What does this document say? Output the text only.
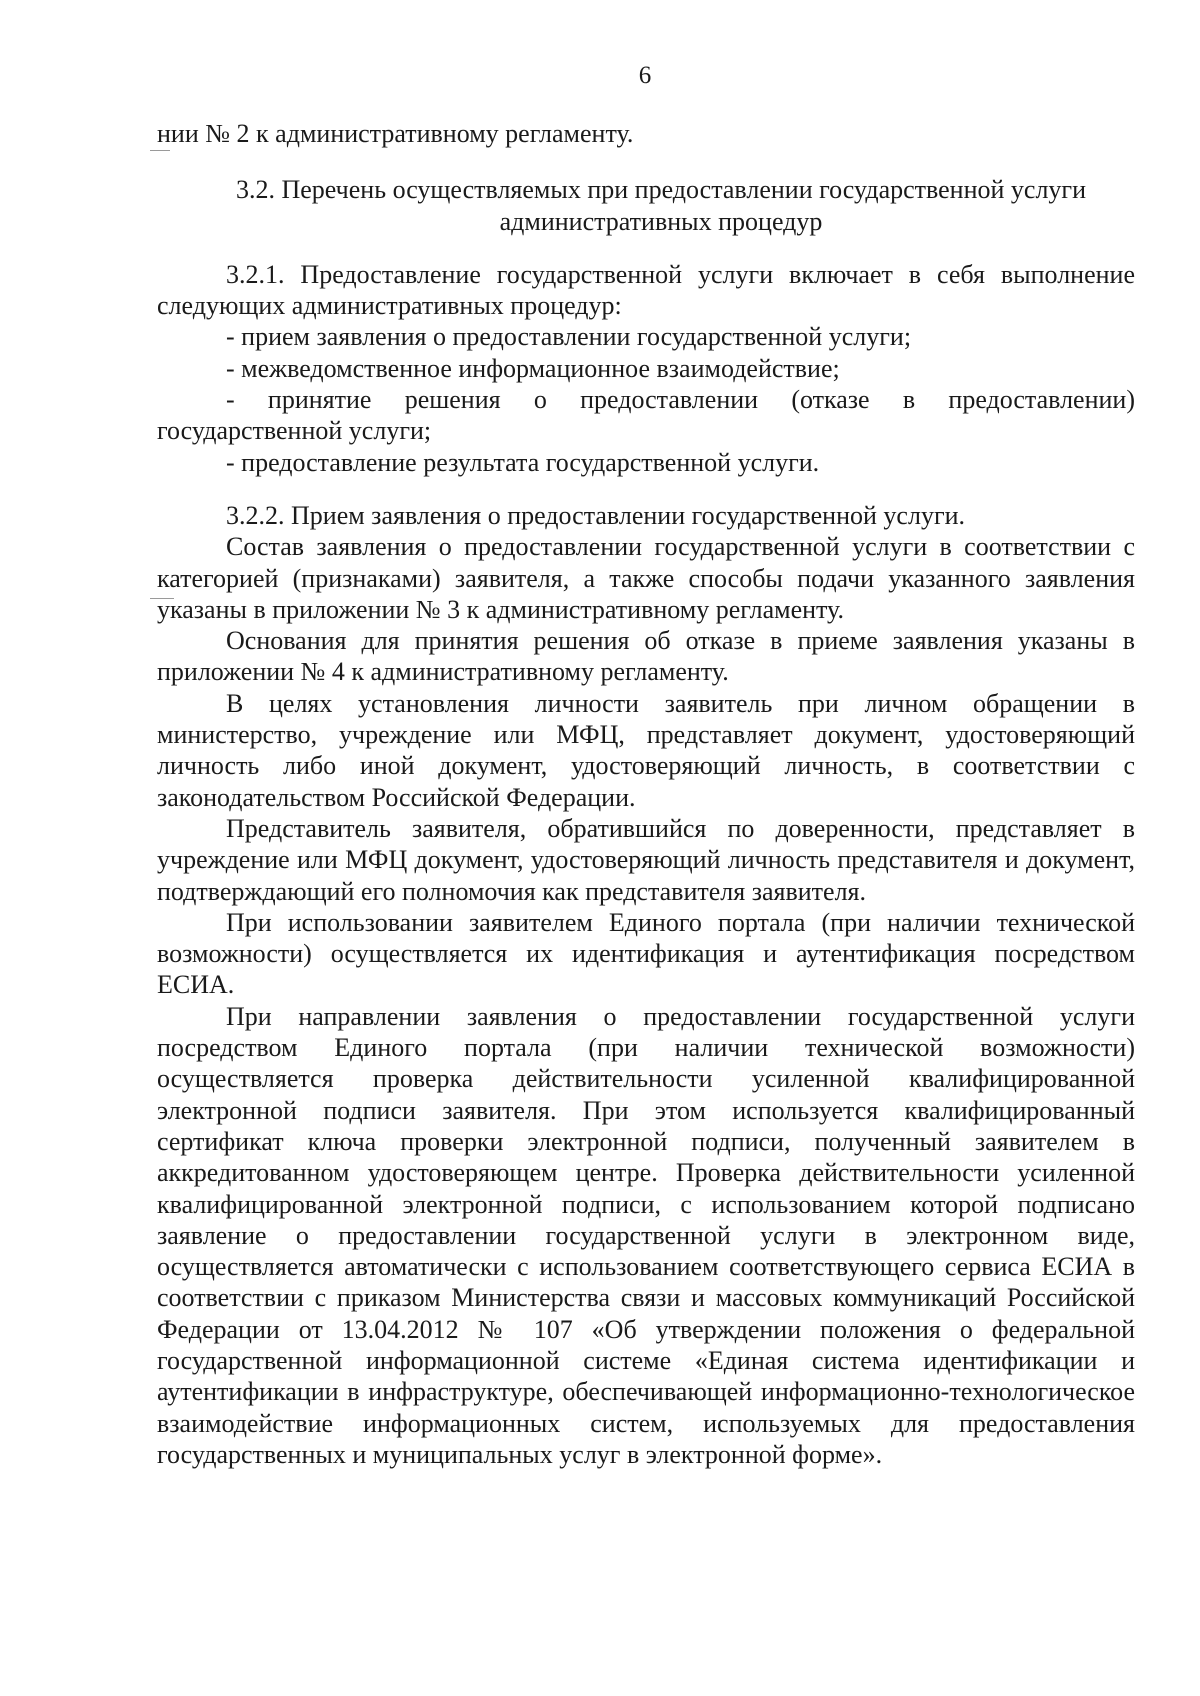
6

нии № 2 к административному регламенту.

3.2. Перечень осуществляемых при предоставлении государственной услуги

административных процедур

3.2.1. Предоставление государственной услуги включает в себя выполнение следующих административных процедур:

- прием заявления о предоставлении государственной услуги;

- межведомственное информационное взаимодействие;

- принятие решения о предоставлении (отказе в предоставлении) государственной услуги;

- предоставление результата государственной услуги.

3.2.2. Прием заявления о предоставлении государственной услуги.

Состав заявления о предоставлении государственной услуги в соответствии с категорией (признаками) заявителя, а также способы подачи указанного заявления указаны в приложении № 3 к административному регламенту.

Основания для принятия решения об отказе в приеме заявления указаны в приложении № 4 к административному регламенту.

В целях установления личности заявитель при личном обращении в министерство, учреждение или МФЦ, представляет документ, удостоверяющий личность либо иной документ, удостоверяющий личность, в соответствии с законодательством Российской Федерации.

Представитель заявителя, обратившийся по доверенности, представляет в учреждение или МФЦ документ, удостоверяющий личность представителя и документ, подтверждающий его полномочия как представителя заявителя.

При использовании заявителем Единого портала (при наличии технической возможности) осуществляется их идентификация и аутентификация посредством ЕСИА.

При направлении заявления о предоставлении государственной услуги посредством Единого портала (при наличии технической возможности) осуществляется проверка действительности усиленной квалифицированной электронной подписи заявителя. При этом используется квалифицированный сертификат ключа проверки электронной подписи, полученный заявителем в аккредитованном удостоверяющем центре. Проверка действительности усиленной квалифицированной электронной подписи, с использованием которой подписано заявление о предоставлении государственной услуги в электронном виде, осуществляется автоматически с использованием соответствующего сервиса ЕСИА в соответствии с приказом Министерства связи и массовых коммуникаций Российской Федерации от 13.04.2012 № 107 «Об утверждении положения о федеральной государственной информационной системе «Единая система идентификации и аутентификации в инфраструктуре, обеспечивающей информационно-технологическое взаимодействие информационных систем, используемых для предоставления государственных и муниципальных услуг в электронной форме».
